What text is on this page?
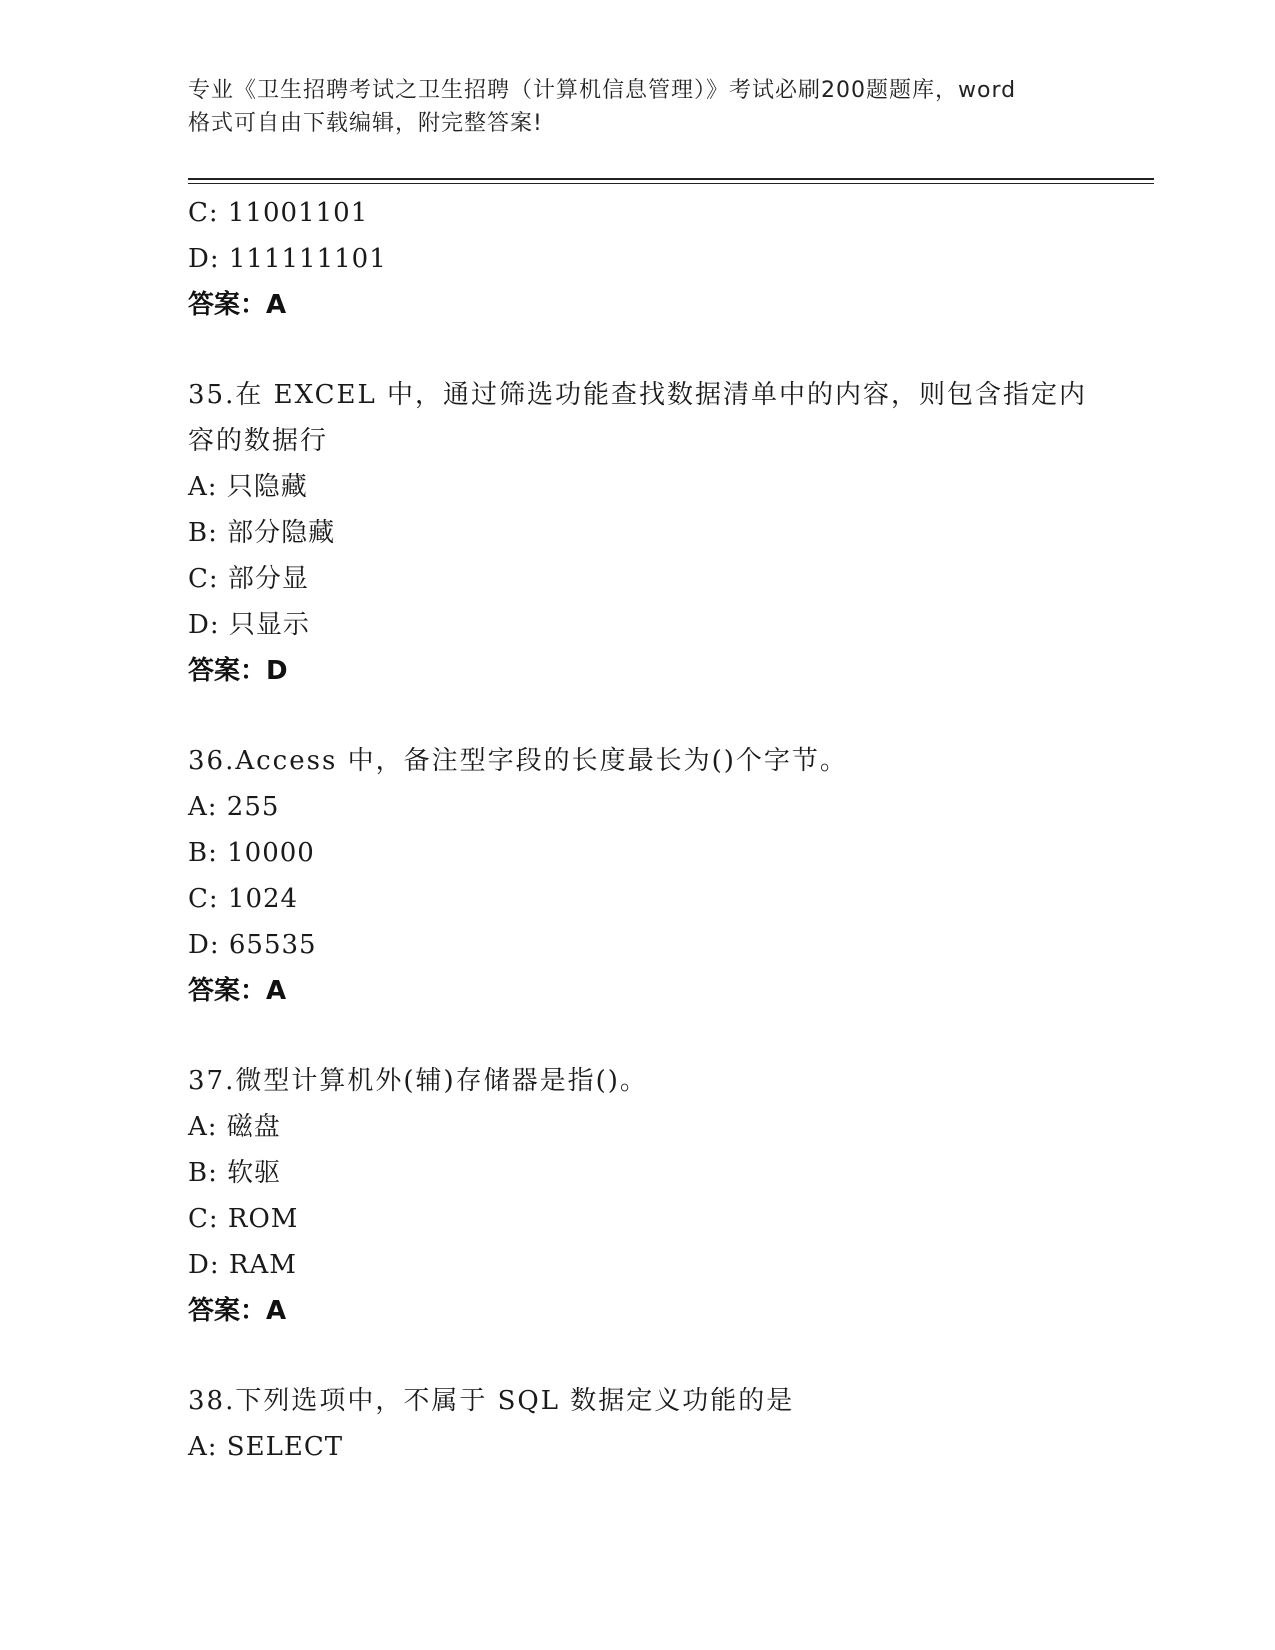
专业《卫生招聘考试之卫生招聘（计算机信息管理）》考试必刷200题题库，word
格式可自由下载编辑，附完整答案!
C: 11001101
D: 111111101
答案：A
35.在 EXCEL 中，通过筛选功能查找数据清单中的内容，则包含指定内
容的数据行
A: 只隐藏
B: 部分隐藏
C: 部分显
D: 只显示
答案：D
36.Access 中，备注型字段的长度最长为()个字节。
A: 255
B: 10000
C: 1024
D: 65535
答案：A
37.微型计算机外(辅)存储器是指()。
A: 磁盘
B: 软驱
C: ROM
D: RAM
答案：A
38.下列选项中，不属于 SQL 数据定义功能的是
A: SELECT
